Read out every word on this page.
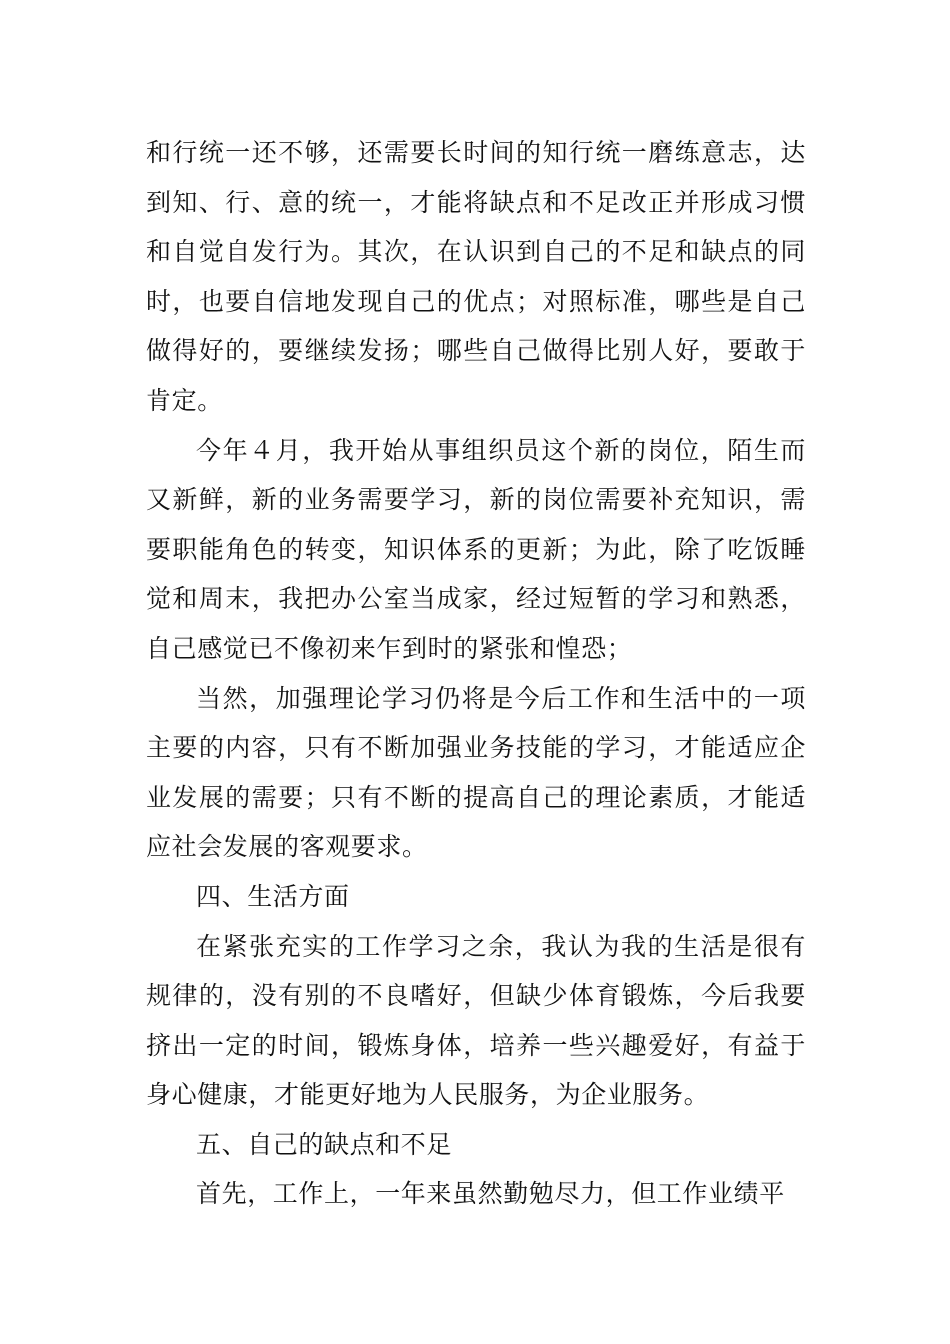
和行统一还不够，还需要长时间的知行统一磨练意志，达到知、行、意的统一，才能将缺点和不足改正并形成习惯和自觉自发行为。其次，在认识到自己的不足和缺点的同时，也要自信地发现自己的优点；对照标准，哪些是自己做得好的，要继续发扬；哪些自己做得比别人好，要敢于肯定。

今年４月，我开始从事组织员这个新的岗位，陌生而又新鲜，新的业务需要学习，新的岗位需要补充知识，需要职能角色的转变，知识体系的更新；为此，除了吃饭睡觉和周末，我把办公室当成家，经过短暂的学习和熟悉，自己感觉已不像初来乍到时的紧张和惶恐；

当然，加强理论学习仍将是今后工作和生活中的一项主要的内容，只有不断加强业务技能的学习，才能适应企业发展的需要；只有不断的提高自己的理论素质，才能适应社会发展的客观要求。

四、生活方面

在紧张充实的工作学习之余，我认为我的生活是很有规律的，没有别的不良嗜好，但缺少体育锻炼，今后我要挤出一定的时间，锻炼身体，培养一些兴趣爱好，有益于身心健康，才能更好地为人民服务，为企业服务。

五、自己的缺点和不足

首先，工作上，一年来虽然勤勉尽力，但工作业绩平
